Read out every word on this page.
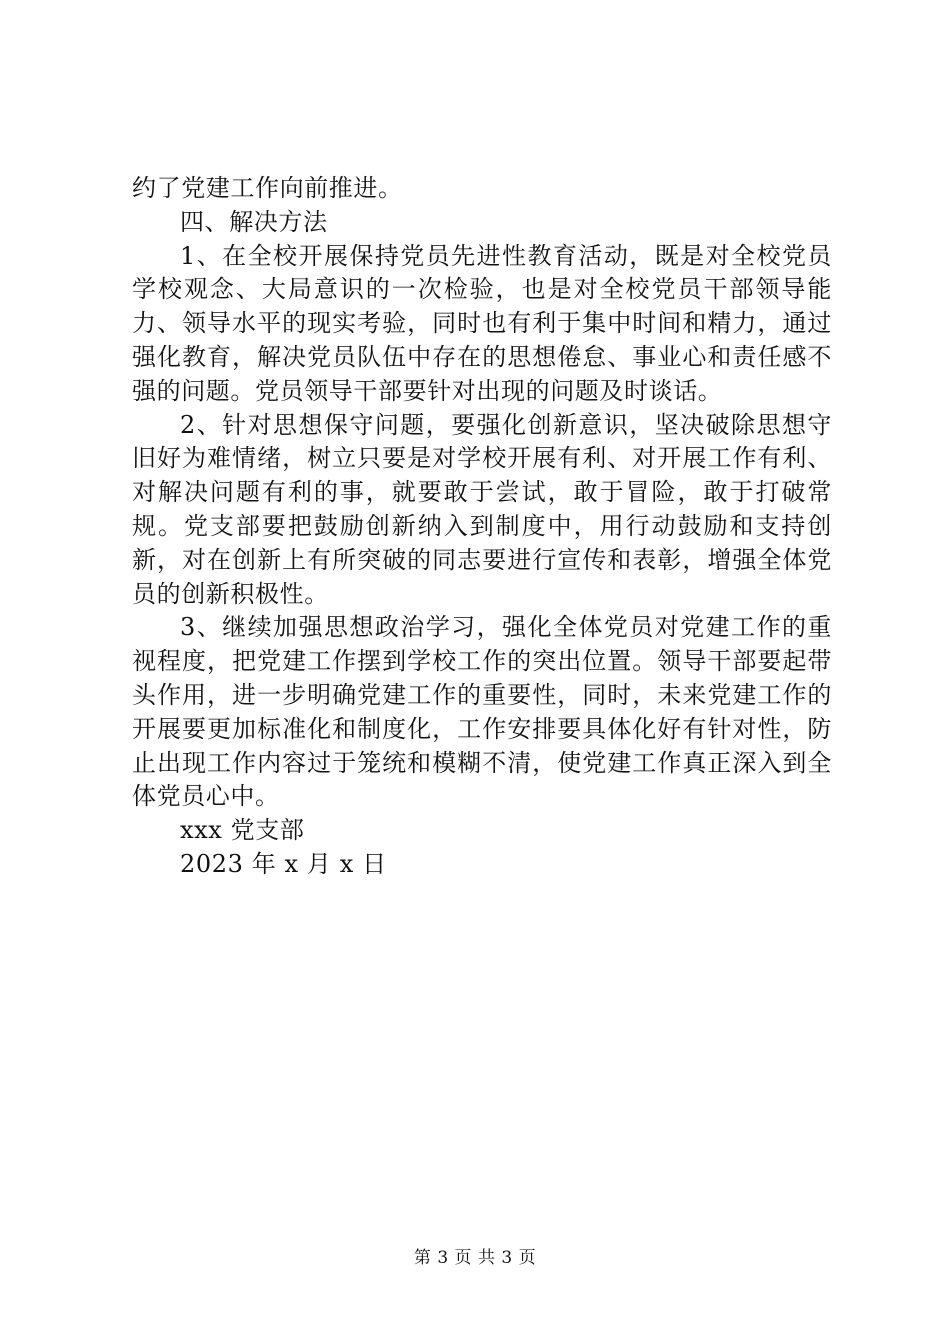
约了党建工作向前推进。

四、解决方法

1、在全校开展保持党员先进性教育活动，既是对全校党员学校观念、大局意识的一次检验，也是对全校党员干部领导能力、领导水平的现实考验，同时也有利于集中时间和精力，通过强化教育，解决党员队伍中存在的思想倦怠、事业心和责任感不强的问题。党员领导干部要针对出现的问题及时谈话。

2、针对思想保守问题，要强化创新意识，坚决破除思想守旧好为难情绪，树立只要是对学校开展有利、对开展工作有利、对解决问题有利的事，就要敢于尝试，敢于冒险，敢于打破常规。党支部要把鼓励创新纳入到制度中，用行动鼓励和支持创新，对在创新上有所突破的同志要进行宣传和表彰，增强全体党员的创新积极性。

3、继续加强思想政治学习，强化全体党员对党建工作的重视程度，把党建工作摆到学校工作的突出位置。领导干部要起带头作用，进一步明确党建工作的重要性，同时，未来党建工作的开展要更加标准化和制度化，工作安排要具体化好有针对性，防止出现工作内容过于笼统和模糊不清，使党建工作真正深入到全体党员心中。

xxx 党支部

2023 年 x 月 x 日

第 3 页 共 3 页
